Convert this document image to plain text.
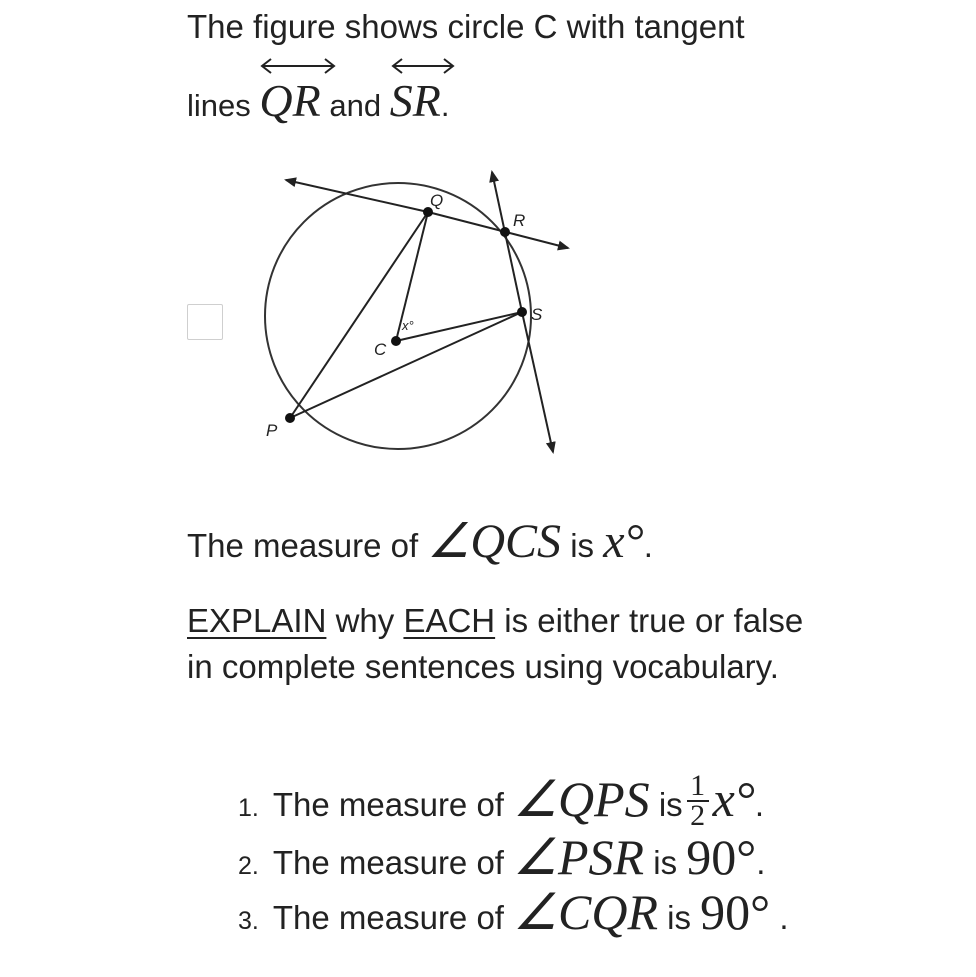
The figure shows circle C with tangent
lines QR and SR.
Q
R
S
C
x°
P
The measure of ∠QCS is x°.
EXPLAIN why EACH is either true or false in complete sentences using vocabulary.
1. The measure of ∠QPS is $\frac{1}{2} x^\circ$.
2. The measure of ∠PSR is 90°.
3. The measure of ∠CQR is 90° .
